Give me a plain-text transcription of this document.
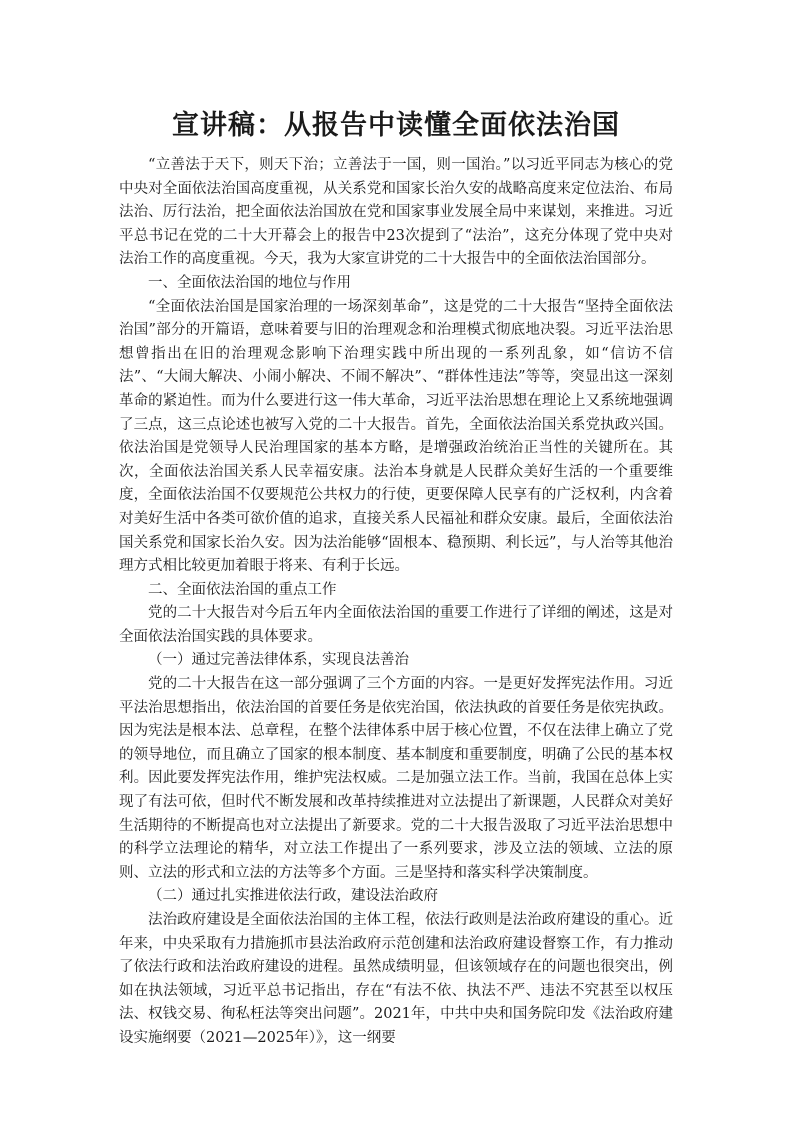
宣讲稿：从报告中读懂全面依法治国

“立善法于天下，则天下治；立善法于一国，则一国治。”以习近平同志为核心的党中央对全面依法治国高度重视，从关系党和国家长治久安的战略高度来定位法治、布局法治、厉行法治，把全面依法治国放在党和国家事业发展全局中来谋划，来推进。习近平总书记在党的二十大开幕会上的报告中23次提到了“法治”，这充分体现了党中央对法治工作的高度重视。今天，我为大家宣讲党的二十大报告中的全面依法治国部分。

一、全面依法治国的地位与作用

“全面依法治国是国家治理的一场深刻革命”，这是党的二十大报告“坚持全面依法治国”部分的开篇语，意味着要与旧的治理观念和治理模式彻底地决裂。习近平法治思想曾指出在旧的治理观念影响下治理实践中所出现的一系列乱象，如“信访不信法”、“大闹大解决、小闹小解决、不闹不解决”、“群体性违法”等等，突显出这一深刻革命的紧迫性。而为什么要进行这一伟大革命，习近平法治思想在理论上又系统地强调了三点，这三点论述也被写入党的二十大报告。首先，全面依法治国关系党执政兴国。依法治国是党领导人民治理国家的基本方略，是增强政治统治正当性的关键所在。其次，全面依法治国关系人民幸福安康。法治本身就是人民群众美好生活的一个重要维度，全面依法治国不仅要规范公共权力的行使，更要保障人民享有的广泛权利，内含着对美好生活中各类可欲价值的追求，直接关系人民福祉和群众安康。最后，全面依法治国关系党和国家长治久安。因为法治能够“固根本、稳预期、利长远”，与人治等其他治理方式相比较更加着眼于将来、有利于长远。

二、全面依法治国的重点工作

党的二十大报告对今后五年内全面依法治国的重要工作进行了详细的阐述，这是对全面依法治国实践的具体要求。

（一）通过完善法律体系，实现良法善治

党的二十大报告在这一部分强调了三个方面的内容。一是更好发挥宪法作用。习近平法治思想指出，依法治国的首要任务是依宪治国，依法执政的首要任务是依宪执政。因为宪法是根本法、总章程，在整个法律体系中居于核心位置，不仅在法律上确立了党的领导地位，而且确立了国家的根本制度、基本制度和重要制度，明确了公民的基本权利。因此要发挥宪法作用，维护宪法权威。二是加强立法工作。当前，我国在总体上实现了有法可依，但时代不断发展和改革持续推进对立法提出了新课题，人民群众对美好生活期待的不断提高也对立法提出了新要求。党的二十大报告汲取了习近平法治思想中的科学立法理论的精华，对立法工作提出了一系列要求，涉及立法的领域、立法的原则、立法的形式和立法的方法等多个方面。三是坚持和落实科学决策制度。

（二）通过扎实推进依法行政，建设法治政府

法治政府建设是全面依法治国的主体工程，依法行政则是法治政府建设的重心。近年来，中央采取有力措施抓市县法治政府示范创建和法治政府建设督察工作，有力推动了依法行政和法治政府建设的进程。虽然成绩明显，但该领域存在的问题也很突出，例如在执法领域，习近平总书记指出，存在“有法不依、执法不严、违法不究甚至以权压法、权钱交易、徇私枉法等突出问题”。2021年，中共中央和国务院印发《法治政府建设实施纲要（2021—2025年）》，这一纲要
